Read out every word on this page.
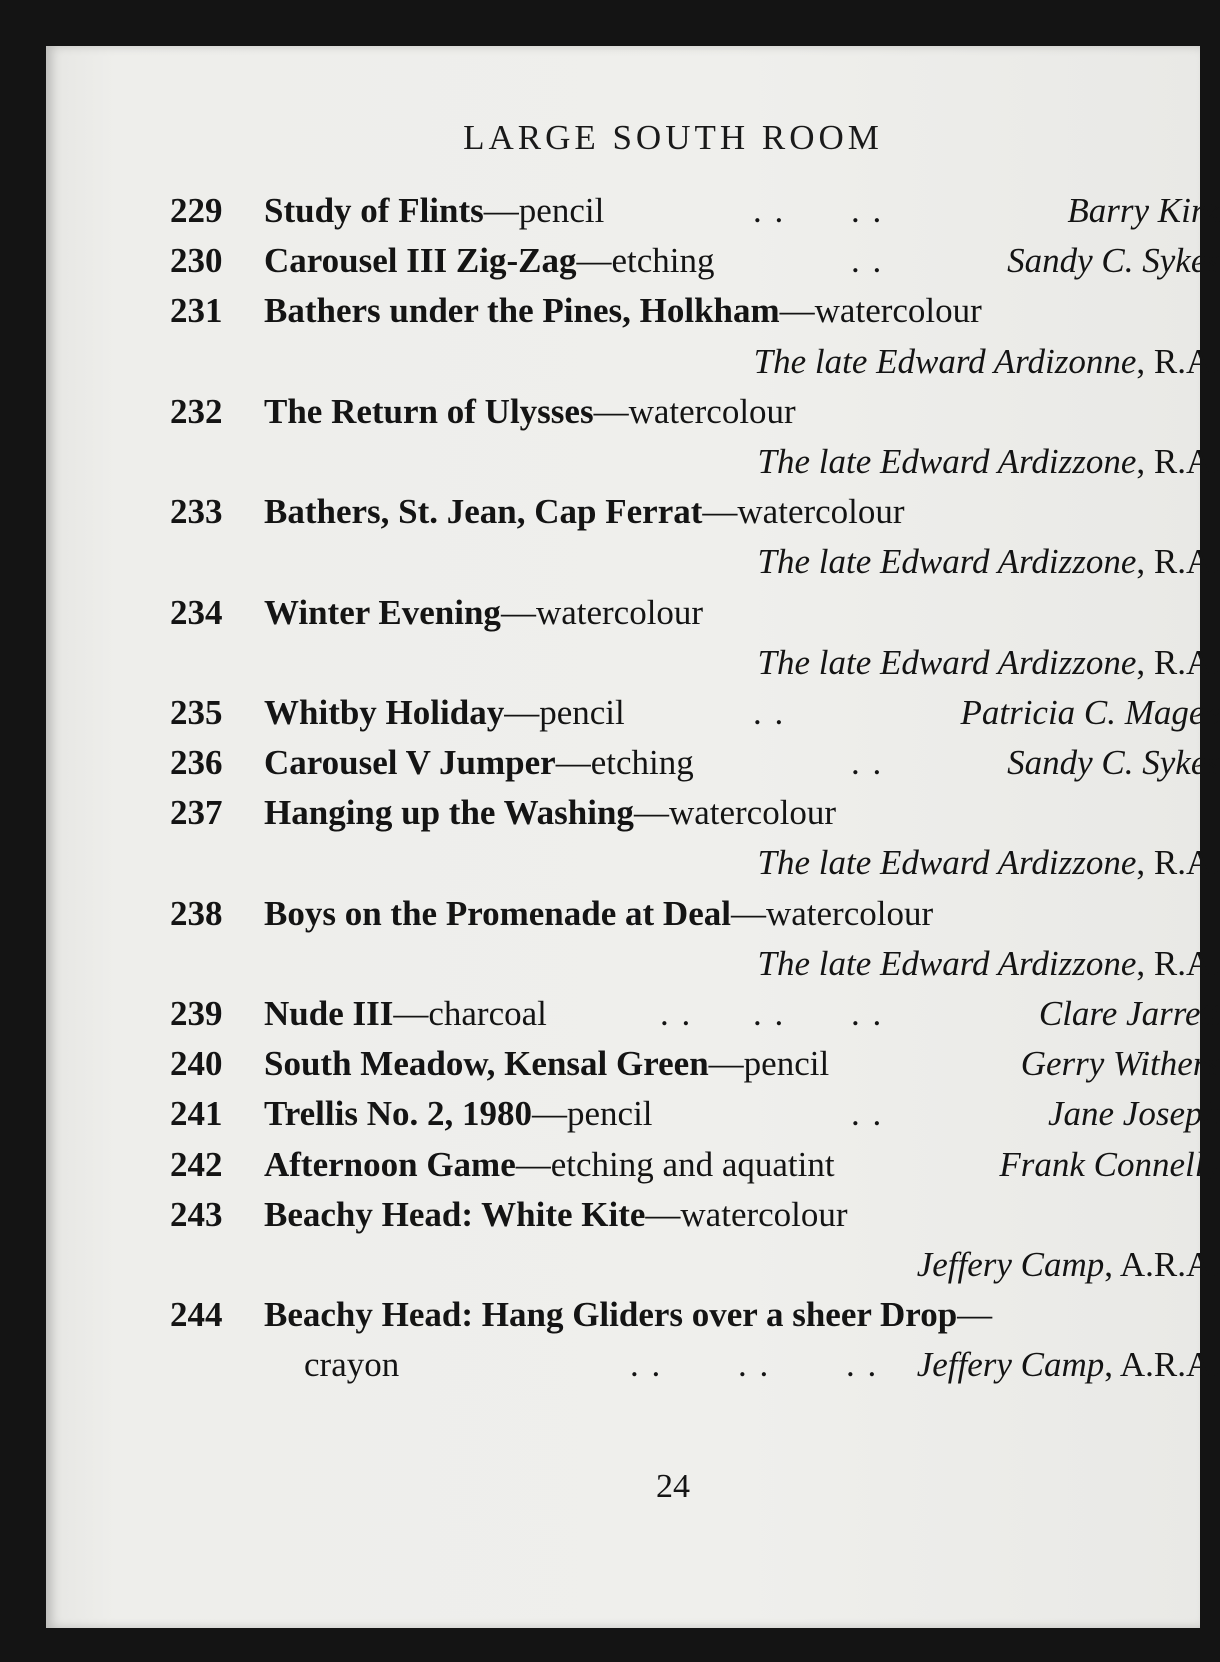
LARGE SOUTH ROOM
229 Study of Flints—pencil	. . . .	Barry Kirk
230 Carousel III Zig-Zag—etching	. .	Sandy C. Sykes
231 Bathers under the Pines, Holkham—watercolour
The late Edward Ardizonne, R.A.
232 The Return of Ulysses—watercolour
The late Edward Ardizzone, R.A.
233 Bathers, St. Jean, Cap Ferrat—watercolour
The late Edward Ardizzone, R.A.
234 Winter Evening—watercolour
The late Edward Ardizzone, R.A.
235 Whitby Holiday—pencil	. .	Patricia C. Magee
236 Carousel V Jumper—etching	. .	Sandy C. Sykes
237 Hanging up the Washing—watercolour
The late Edward Ardizzone, R.A.
238 Boys on the Promenade at Deal—watercolour
The late Edward Ardizzone, R.A.
239 Nude III—charcoal	. . . . . .	Clare Jarrett
240 South Meadow, Kensal Green—pencil	Gerry Withers
241 Trellis No. 2, 1980—pencil	. .	Jane Joseph
242 Afternoon Game—etching and aquatint	Frank Connelly
243 Beachy Head: White Kite—watercolour
Jeffery Camp, A.R.A.
244 Beachy Head: Hang Gliders over a sheer Drop—
crayon	. . . . . . Jeffery Camp, A.R.A.
24
